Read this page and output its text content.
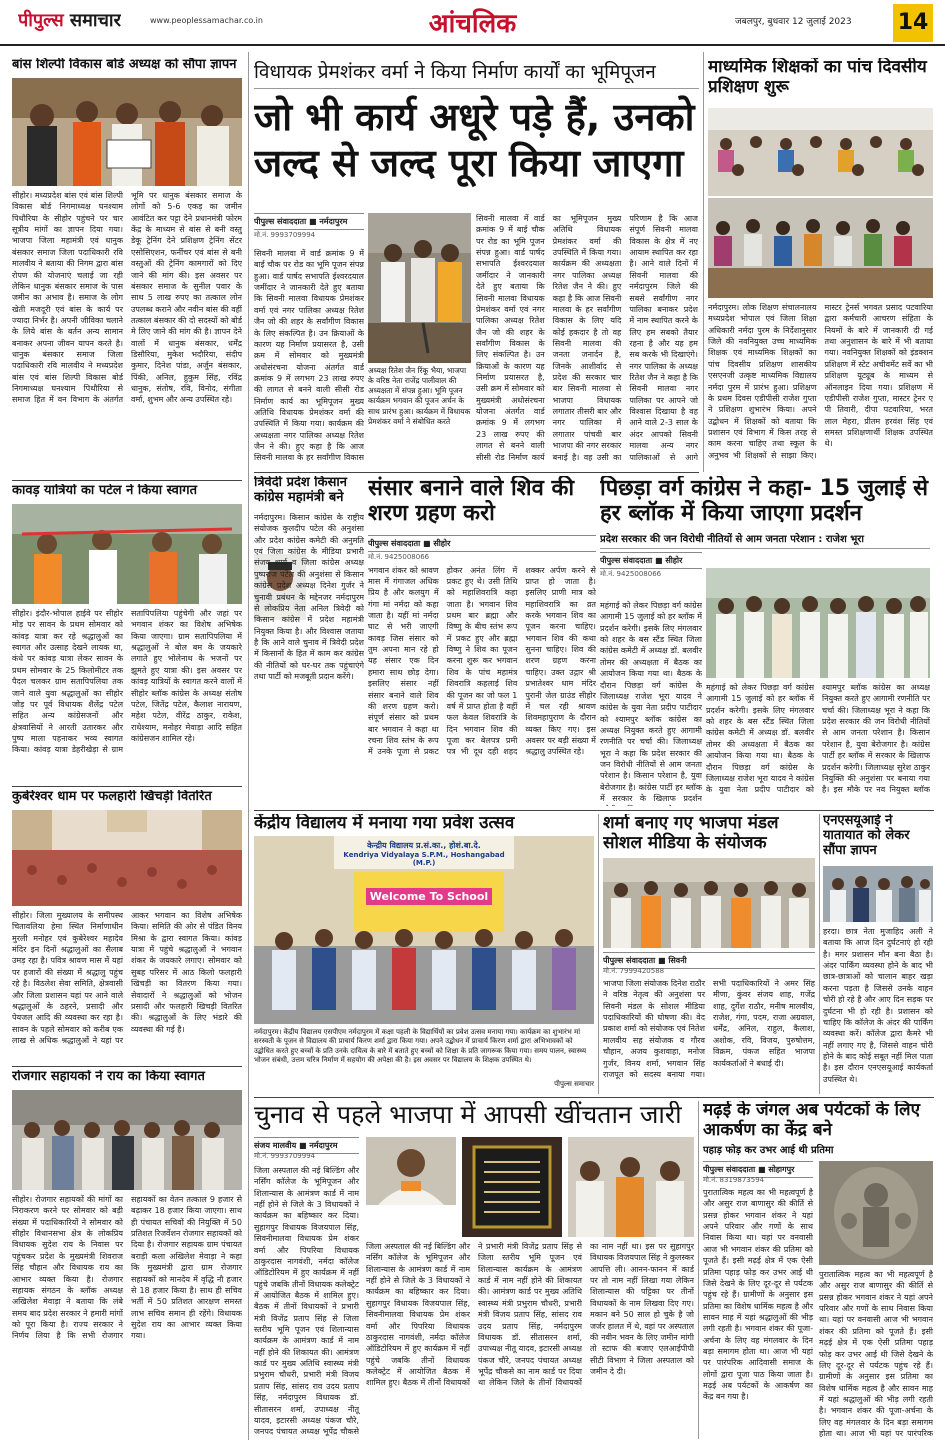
पीपुल्स समाचार	www.peoplessamachar.co.in	आंचलिक	जबलपुर, बुधवार 12 जुलाई 2023 14
बांस शिल्पी विकास बोर्ड अध्यक्ष को सौंपा ज्ञापन
सीहोर। मध्यप्रदेश बांस एवं बांस शिल्पी विकास बोर्ड निगमाध्यक्ष घनश्याम पिथौरिया के सीहोर पहुंचने पर चार सूत्रीय मांगों का ज्ञापन दिया गया। भाजपा जिला महामंत्री एवं धानुक बंसकार समाज जिला पदाधिकारी रवि मालवीय ने बताया की निगम द्वारा बांस रोपण की योजनाएं चलाई जा रही लेकिन धानुक बंसकार समाज के पास जमीन का अभाव है। समाज के लोग खेती मजदूरी एवं बांस के कार्य पर ज्यादा निर्भर है। अपनी जीविका चलाने के लिये बांस के बर्तन अन्य सामान बनाकर अपना जीवन यापन करते है। धानुक बंसकार समाज जिला पदाधिकारी रवि मालवीय ने मध्यप्रदेश बांस एवं बांस शिल्पी विकास बोर्ड निगमाध्यक्ष घनश्याम पिथौरिया से समाज हित में वन विभाग के अंतर्गत भूमि पर धानुक बंसकार समाज के लोगों को 5-6 एकड़ का जमीन आवंटित कर पट्टा देने प्रधानमंत्री फोरम केंद्र के माध्यम से बांस से बनी वस्तु डेकू ट्रेनिंग देने प्रशिक्षण ट्रेनिंग सेंटर एसोसिएशन, फर्नीचर एवं बांस से बनी वस्तुओं की ट्रेनिंग कामगारों को दिए जाने की मांग की। इस अवसर पर बंसकार समाज के सुनील पवार के साथ 5 लाख रुपए का तत्काल लोन उपलब्ध कराने और नवीन बांस की वहीं तत्काल बंसकार की दो सदस्यों को बोर्ड मे लिए जाने की मांग की है। ज्ञापन देने वालों में धानुक बंसकार, धर्मेंद्र डिसौरिया, मुकेश भदौरिया, संदीप कुमार, दिनेश पांडा, अर्जुन बंसकार, पिंकी, अनिल, हुकुम सिंह, रविंद्र धानुक, संतोष, रवि, विनोद, संगीता वर्मा, शुभम और अन्य उपस्थित रहे।
कावड़ यात्रियों का पटेल ने किया स्वागत
सीहोर। इंदौर-भोपाल हाईवे पर सीहोर मोड़ पर सावन के प्रथम सोमवार को कांवड़ यात्रा कर रहे श्रद्धालुओं का स्वागत और उत्साह देखने लायक था, कंधे पर कांवड़ यात्रा लेकर सावन के प्रथम सोमवार के 25 किलोमीटर तक पैदल चलकर ग्राम सतापिपलिया तक जाने वाले युवा श्रद्धालुओं का सीहोर जोड़ पर पूर्व विधायक शैलेंद्र पटेल सहित अन्य कांग्रेसजनों और क्षेत्रवासियों ने आरती उतारकर और पुष्प माला पहनाकर भव्य स्वागत किया। कांवड़ यात्रा डेहरीखेड़ा से ग्राम सतापिपलिया पहुंचेगी और जहां पर भगवान शंकर का विशेष अभिषेक किया जाएगा। ग्राम सतापिपलिया में श्रद्धालुओं ने बोल बम के जयकारे लगाते हुए भोलेनाथ के भजनों पर झूमते हुए यात्रा की। इस अवसर पर कांवड़ यात्रियों के स्वागत करने वालों में सीहोर ब्लॉक कांग्रेस के अध्यक्ष संतोष पटेल, जितेंद्र पटेल, कैलाश नारायण, महेश पटेल, वीरेंद्र ठाकुर, राकेश, राधेश्याम, मनोहर मेवाड़ा आदि सहित कांग्रेसजन शामिल रहे।
कुबेरेश्वर धाम पर फलहारी खिचड़ी वितरित
सीहोर। जिला मुख्यालय के समीपस्थ चितावलिया हेमा स्थित निर्माणाधीन मुरली मनोहर एवं कुबेरेश्वर महादेव मंदिर इन दिनों श्रद्धालुओं का सैलाब उमड़ रहा है। पवित्र श्रावण मास में यहां पर हजारों की संख्या में श्रद्धालु पहुंच रहे है। विठलेश सेवा समिति, क्षेत्रवासी और जिला प्रशासन यहां पर आने वाले श्रद्धालुओं के ठहरने, प्रसादी और पेयजल आदि की व्यवस्था कर रहा है। सावन के पहले सोमवार को करीब एक लाख से अधिक श्रद्धालुओं ने यहां पर आकर भगवान का विशेष अभिषेक किया। समिति की ओर से पंडित विनय मिश्रा के द्वारा स्वागत किया। कांवड़ यात्रा में पहुंचे श्रद्धालुओं ने भगवान शंकर के जयकारे लगाए। सोमवार को सुबह परिसर में आठ किलो फलहारी खिचड़ी का वितरण किया गया। सेवादारों ने श्रद्धालुओं को भोजन प्रसादी और फलहारी खिचड़ी वितरित की। श्रद्धालुओं के लिए भंडारे की व्यवस्था की गई है।
रोजगार सहायकों ने राय का किया स्वागत
सीहोर। रोजगार सहायकों की मांगों का निराकरण करने पर सोमवार को बड़ी संख्या में पदाधिकारियों ने सोमवार को सीहोर विधानसभा क्षेत्र के लोकप्रिय विधायक सुदेश राय के निवास पर पहुंचकर प्रदेश के मुख्यमंत्री शिवराज सिंह चौहान और विधायक राय का आभार व्यक्त किया है। रोजगार सहायक संगठन के ब्लॉक अध्यक्ष अखिलेश मेवाड़ा ने बताया कि लंबे समय बाद प्रदेश सरकार ने हमारी मांगों को पूरा किया है। राज्य सरकार ने निर्णय लिया है कि सभी रोजगार सहायकों का वेतन तत्काल 9 हजार से बढ़ाकर 18 हजार किया जाएगा। साथ ही पंचायत सचिवों की नियुक्ति में 50 प्रतिशत रिजर्वेशन रोजगार सहायकों को दिया है। रोजगार सहायक ग्राम पंचायत बराड़ी कला अखिलेश मेवाड़ा ने कहा कि मुख्यमंत्री द्वारा ग्राम रोजगार सहायकों को मानदेय में वृद्धि नौ हजार से 18 हजार किया है। साथ ही सचिव भर्ती में 50 प्रतिशत आरक्षण समस्त लाभ सचिव समान ही रहेंगे। विधायक सुदेश राय का आभार व्यक्त किया गया।
विधायक प्रेमशंकर वर्मा ने किया निर्माण कार्यों का भूमिपूजन
जो भी कार्य अधूरे पड़े हैं, उनको जल्द से जल्द पूरा किया जाएगा
पीपुल्स संवाददाता ■ नर्मदापुरम
मो.नं. 9993709994
सिवनी मालवा में वार्ड क्रमांक 9 में बाई चौक पर रोड का भूमि पूजन संपन्न हुआ। वार्ड पार्षद सभापति ईश्वरदयाल जमींदार ने जानकारी देते हुए बताया कि सिवनी मालवा विधायक प्रेमशंकर वर्मा एवं नगर पालिका अध्यक्ष रितेश जैन जो की शहर के सर्वांगीण विकास के लिए संकल्पित है। उन क्रियाओं के कारण यह निर्माण प्रयासरत है, उसी क्रम में सोमवार को मुख्यमंत्री अधोसंरचना योजना अंतर्गत वार्ड क्रमांक 9 में लगभग 23 लाख रुपए की लागत से बनने वाली सीसी रोड निर्माण कार्य का भूमिपूजन मुख्य अतिथि विधायक प्रेमशंकर वर्मा की उपस्थिति में किया गया। कार्यक्रम की अध्यक्षता नगर पालिका अध्यक्ष रितेश जैन ने की। हुए कहा है कि आज सिवनी मालवा के हर सर्वांगीण विकास
अध्यक्ष रितेश जैन रिंकू भैया, भाजपा के वरिष्ठ नेता राजेंद्र पालीवाल की अध्यक्षता में संपन्न हुआ। भूमि पूजन कार्यक्रम भगवान की पूजन अर्चन के साथ प्रारंभ हुआ। कार्यक्रम में विधायक प्रेमशंकर वर्मा ने संबोधित करते
सिवनी मालवा में वार्ड क्रमांक 9 में बाई चौक पर रोड का भूमि पूजन संपन्न हुआ। वार्ड पार्षद सभापति ईश्वरदयाल जमींदार ने जानकारी देते हुए बताया कि सिवनी मालवा विधायक प्रेमशंकर वर्मा एवं नगर पालिका अध्यक्ष रितेश जैन जो की शहर के सर्वांगीण विकास के लिए संकल्पित है। उन क्रियाओं के कारण यह निर्माण प्रयासरत है, उसी क्रम में सोमवार को मुख्यमंत्री अधोसंरचना योजना अंतर्गत वार्ड क्रमांक 9 में लगभग 23 लाख रुपए की लागत से बनने वाली सीसी रोड निर्माण कार्य का भूमिपूजन मुख्य अतिथि विधायक प्रेमशंकर वर्मा की उपस्थिति में किया गया। कार्यक्रम की अध्यक्षता नगर पालिका अध्यक्ष रितेश जैन ने की। हुए कहा है कि आज सिवनी मालवा के हर सर्वांगीण विकास के लिए यदि कोई हकदार है तो वह सिवनी मालवा की जनता जनार्दन है, जिनके आशीर्वाद से प्रदेश की सरकार चार बार सिवनी मालवा से भाजपा विधायक लगातार तीसरी बार और नगर पालिका में लगातार पांचवी बार भाजपा की नगर सरकार बनाई है। वह उसी का परिणाम है कि आज संपूर्ण सिवनी मालवा विकास के क्षेत्र में नए आयाम स्थापित कर रहा है। आने वाले दिनों में सिवनी मालवा की नर्मदापुरम जिले की सबसे सर्वांगीण नगर पालिका बनाकर प्रदेश में नाम स्थापित करने के लिए हम सबको तैयार रहना है और यह हम सब करके भी दिखाएंगे। नगर पालिका के अध्यक्ष रितेश जैन ने कहा है कि सिवनी मालवा नगर पालिका पर आपने जो विश्वास दिखाया है वह आने वाले 2-3 साल के अंदर आपको सिवनी मालवा अन्य नगर पालिकाओं से आगे
त्रिवेदी प्रदेश किसान कांग्रेस महामंत्री बने
नर्मदापुरम। किसान कांग्रेस के राष्ट्रीय संयोजक कुलदीप पटेल की अनुशंसा और प्रदेश कांग्रेस कमेटी की अनुमति एवं जिला कांग्रेस के मीडिया प्रभारी संजय शर्मा व जिला कांग्रेस अध्यक्ष पुष्पराज पटेल की अनुशंसा से किसान कांग्रेस प्रदेश अध्यक्ष दिनेश गुर्जर ने चुनावी प्रबंधन के मद्देनजर नर्मदापुरम से लोकप्रिय नेता अनिल त्रिवेदी को किसान कांग्रेस में प्रदेश महामंत्री नियुक्त किया है। और विश्वास जताया है कि आने वाले चुनाव में त्रिवेदी प्रदेश में किसानों के हित में काम कर कांग्रेस की नीतियों को घर-घर तक पहुंचाएंगे तथा पार्टी को मजबूती प्रदान करेंगे।
संसार बनाने वाले शिव की शरण ग्रहण करो
पीपुल्स संवाददाता ■ सीहोर
मो.नं. 9425008066
भगवान शंकर को श्रावण मास में गंगाजल अधिक प्रिय है और कलयुग में गंगा मां नर्मदा को कहा जाता है। यहीं मां नर्मदा घाट से भरी जाएगी कावड़ जिस संसार को तुम अपना मान रहे हो यह संसार एक दिन हमारा साथ छोड़ देगा। इसलिए संसार नहीं संसार बनाने वाले शिव की शरण ग्रहण करो। संपूर्ण संसार को प्रथम बार भगवान ने कहा था रचना शिव स्तंभ के रूप में उनके पूजा से प्रकट होकर अनंत लिंग में प्रकट हुए थे। उसी तिथि को महाशिवरात्रि कहा जाता है। भगवान शिव प्रथम बार ब्रह्मा और विष्णु के बीच स्तंभ रूप में प्रकट हुए और ब्रह्मा विष्णु ने शिव का पूजन करना शुरू कर भगवान शिव के पांच महामंत्र शिवरात्रि कहलाई शिव की पूजन का जो फल 1 वर्ष में प्राप्त होता है वहीं फल केवल शिवरात्रि के दिन भगवान शिव की पूजा कर बेलपत्र प्रमी पत्र भी दूध दही शहद शक्कर अर्पण करने से प्राप्त हो जाता है। इसलिए प्राणी मात्र को महाशिवरात्रि का व्रत करके भगवान शिव का पूजन करना चाहिए। भगवान शिव की कथा सुनना चाहिए। शिव की शरण ग्रहण करना चाहिए। उक्त उद्गार श्री प्रभातेश्वर धाम मंदिर पुरानी जेल ग्राउंड सीहोर में चल रही श्रावण शिवमहापुराण के दौरान व्यक्त किए गए। इस अवसर पर बड़ी संख्या में श्रद्धालु उपस्थित रहे।
पिछड़ा वर्ग कांग्रेस ने कहा- 15 जुलाई से हर ब्लॉक में किया जाएगा प्रदर्शन
प्रदेश सरकार की जन विरोधी नीतियों से आम जनता परेशान : राजेश भूरा
पीपुल्स संवाददाता ■ सीहोर
मो.नं. 9425008066
महंगाई को लेकर पिछड़ा वर्ग कांग्रेस आगामी 15 जुलाई को हर ब्लॉक में प्रदर्शन करेगी। इसके लिए मंगलवार को शहर के बस स्टैंड स्थित जिला कांग्रेस कमेटी में अध्यक्ष डॉ. बलवीर तोमर की अध्यक्षता में बैठक का आयोजन किया गया था। बैठक के दौरान पिछड़ा वर्ग कांग्रेस के जिलाध्यक्ष राजेश भूरा यादव ने कांग्रेस के युवा नेता प्रदीप पाटीदार को श्यामपुर ब्लॉक कांग्रेस का अध्यक्ष नियुक्त करते हुए आगामी रणनीति पर चर्चा की। जिलाध्यक्ष भूरा ने कहा कि प्रदेश सरकार की जन विरोधी नीतियों से आम जनता परेशान है। किसान परेशान है, युवा बेरोजगार है। कांग्रेस पार्टी हर ब्लॉक में सरकार के खिलाफ प्रदर्शन
महंगाई को लेकर पिछड़ा वर्ग कांग्रेस आगामी 15 जुलाई को हर ब्लॉक में प्रदर्शन करेगी। इसके लिए मंगलवार को शहर के बस स्टैंड स्थित जिला कांग्रेस कमेटी में अध्यक्ष डॉ. बलवीर तोमर की अध्यक्षता में बैठक का आयोजन किया गया था। बैठक के दौरान पिछड़ा वर्ग कांग्रेस के जिलाध्यक्ष राजेश भूरा यादव ने कांग्रेस के युवा नेता प्रदीप पाटीदार को श्यामपुर ब्लॉक कांग्रेस का अध्यक्ष नियुक्त करते हुए आगामी रणनीति पर चर्चा की। जिलाध्यक्ष भूरा ने कहा कि प्रदेश सरकार की जन विरोधी नीतियों से आम जनता परेशान है। किसान परेशान है, युवा बेरोजगार है। कांग्रेस पार्टी हर ब्लॉक में सरकार के खिलाफ प्रदर्शन करेगी। जिलाध्यक्ष सुरेश ठाकुर नियुक्ति की अनुशंसा पर बनाया गया है। इस मौके पर नव नियुक्त ब्लॉक
माध्यमिक शिक्षकों का पांच दिवसीय प्रशिक्षण शुरू
नर्मदापुरम। लोक शिक्षण संचालनालय मध्यप्रदेश भोपाल एवं जिला शिक्षा अधिकारी नर्मदा पुरम के निर्देशानुसार जिले की नवनियुक्त उच्च माध्यमिक शिक्षक एवं माध्यमिक शिक्षकों का पांच दिवसीय प्रशिक्षण शासकीय एसएनजी उत्कृष्ट माध्यमिक विद्यालय नर्मदा पुरम में प्रारंभ हुआ। प्रशिक्षण के प्रथम दिवस एडीपीसी राजेश गुप्ता ने प्रशिक्षण शुभारंभ किया। अपने उद्बोधन में शिक्षकों को बताया कि प्रशासन एवं विभाग में किस तरह से काम करना चाहिए तथा स्कूल के अनुभव भी शिक्षकों से साझा किए। मास्टर ट्रेनर्स भगवत प्रसाद पटवारिया द्वारा कर्मचारी आचरण संहिता के नियमों के बारे में जानकारी दी गई तथा अनुशासन के बारे में भी बताया गया। नवनियुक्त शिक्षकों को इंडक्शन प्रशिक्षण में स्टेट अचीवमेंट सर्वे का भी प्रशिक्षण यूट्यूब के माध्यम से ऑनलाइन दिया गया। प्रशिक्षण में एडीपीसी राजेश गुप्ता, मास्टर ट्रेनर ए पी तिवारी, दीपा पटवारिया, भरत लाल मेहरा, प्रीतम हरवंश सिंह एवं समस्त प्रशिक्षणार्थी शिक्षक उपस्थित थे।
केंद्रीय विद्यालय में मनाया गया प्रवेश उत्सव
केन्द्रीय विद्यालय प्र.सं.का., होशं.बा.दे.
Kendriya Vidyalaya S.P.M., Hoshangabad (M.P.)
Welcome To School
नर्मदापुरम। केंद्रीय विद्यालय एसपीएम नर्मदापुरम में कक्षा पहली के विद्यार्थियों का प्रवेश उत्सव मनाया गया। कार्यक्रम का शुभारंभ मां सरस्वती के पूजन से विद्यालय की प्राचार्य किरण शर्मा द्वारा किया गया। अपने उद्बोधन में प्राचार्य किरण शर्मा द्वारा अभिभावकों को उद्बोधित करते हुए बच्चों के प्रति उनके दायित्व के बारे में बताते हुए बच्चों को शिक्षा के प्रति जागरूक किया गया। समय पालन, स्वास्थ्य भोजन संबंधी, उत्तम चरित्र निर्माण में सहयोग की अपेक्षा की है। इस अवसर पर विद्यालय के शिक्षक उपस्थित थे।
पीपुल्स समाचार
शर्मा बनाए गए भाजपा मंडल सोशल मीडिया के संयोजक
पीपुल्स संवाददाता ■ सिवनी
मो.नं. 7999420588
भाजपा जिला संयोजक दिनेश राठौर ने वरिष्ठ नेतृत्व की अनुशंसा पर सिवनी मंडल के सोशल मीडिया पदाधिकारियों की घोषणा की। वेद प्रकाश शर्मा को संयोजक एवं नितेश मालवीय सह संयोजक व गौरव चौहान, अजय कुशवाहा, मनोज गुर्जर, विनय शर्मा, भगवान सिंह राजपूत को सदस्य बनाया गया। सभी पदाधिकारियों ने अमर सिंह मीणा, कुंवर संजय शाह, गजेंद्र शाह, दुर्गेश राठौर, मनीष मालवीय, राजेश, गंगा, पदम, राजा अग्रवाल, धर्मेंद्र, अनिल, राहुल, कैलाश, अशोक, रवि, विजय, पुरुषोत्तम, विक्रम, पंकज सहित भाजपा कार्यकर्ताओं ने बधाई दी।
एनएसयूआई ने यातायात को लेकर सौंपा ज्ञापन
हरदा। छात्र नेता मुजाहिद अली ने बताया कि आज दिन दुर्घटनाएं हो रही है। मगर प्रशासन मौन बना बैठा है। अंदर पार्किंग व्यवस्था होने के बाद भी छात्र-छात्राओं को चालान बाहर खड़ा करना पड़ता है जिससे उनके वाहन चोरी हो रहे है और आए दिन सड़क पर दुर्घटना भी हो रही है। प्रशासन को चाहिए कि कॉलेज के अंदर की पार्किंग व्यवस्था करें। कॉलेज द्वारा कैमरे भी नहीं लगाए गए है, जिससे वाहन चोरी होने के बाद कोई सबूत नहीं मिल पाता है। इस दौरान एनएसयूआई कार्यकर्ता उपस्थित थे।
चुनाव से पहले भाजपा में आपसी खींचतान जारी
संजय मालवीय ■ नर्मदापुरम
मो.नं. 9993709994
जिला अस्पताल की नई बिल्डिंग और नर्सिंग कॉलेज के भूमिपूजन और शिलान्यास के आमंत्रण कार्ड में नाम नहीं होने से जिले के 3 विधायकों ने कार्यक्रम का बहिष्कार कर दिया। सुहागपुर विधायक विजयपाल सिंह, सिवनीमालवा विधायक प्रेम शंकर वर्मा और पिपरिया विधायक ठाकुरदास नागवंशी, नर्मदा कॉलेज ऑडिटोरियम में हुए कार्यक्रम में नहीं पहुंचे जबकि तीनों विधायक कलेक्ट्रेट में आयोजित बैठक में शामिल हुए। बैठक में तीनों विधायकों ने प्रभारी मंत्री विजेंद्र प्रताप सिंह से जिला स्तरीय भूमि पूजन एवं शिलान्यास कार्यक्रम के आमंत्रण कार्ड में नाम नहीं होने की शिकायत की। आमंत्रण कार्ड पर मुख्य अतिथि स्वास्थ्य मंत्री प्रभुराम चौधरी, प्रभारी मंत्री विजय प्रताप सिंह, सांसद राव उदय प्रताप सिंह, नर्मदापुरम विधायक डॉ. सीतासरन शर्मा, उपाध्यक्ष नीतू यादव, इटारसी अध्यक्ष पंकज चौरे, जनपद पंचायत अध्यक्ष भूपेंद्र चौकसे
जिला अस्पताल की नई बिल्डिंग और नर्सिंग कॉलेज के भूमिपूजन और शिलान्यास के आमंत्रण कार्ड में नाम नहीं होने से जिले के 3 विधायकों ने कार्यक्रम का बहिष्कार कर दिया। सुहागपुर विधायक विजयपाल सिंह, सिवनीमालवा विधायक प्रेम शंकर वर्मा और पिपरिया विधायक ठाकुरदास नागवंशी, नर्मदा कॉलेज ऑडिटोरियम में हुए कार्यक्रम में नहीं पहुंचे जबकि तीनों विधायक कलेक्ट्रेट में आयोजित बैठक में शामिल हुए। बैठक में तीनों विधायकों ने प्रभारी मंत्री विजेंद्र प्रताप सिंह से जिला स्तरीय भूमि पूजन एवं शिलान्यास कार्यक्रम के आमंत्रण कार्ड में नाम नहीं होने की शिकायत की। आमंत्रण कार्ड पर मुख्य अतिथि स्वास्थ्य मंत्री प्रभुराम चौधरी, प्रभारी मंत्री विजय प्रताप सिंह, सांसद राव उदय प्रताप सिंह, नर्मदापुरम विधायक डॉ. सीतासरन शर्मा, उपाध्यक्ष नीतू यादव, इटारसी अध्यक्ष पंकज चौरे, जनपद पंचायत अध्यक्ष भूपेंद्र चौकसे का नाम कार्ड पर दिया था लेकिन जिले के तीनों विधायकों का नाम नहीं था। इस पर सुहागपुर विधायक विजयपाल सिंह ने कुलस्कर आपत्ति ली। आनन-फानन में कार्ड पर तो नाम नहीं लिखा गया लेकिन शिलान्यास की पट्टिका पर तीनों विधायकों के नाम लिखवा दिए गए। मकान बने 50 साल हो चुके है जो जर्जर हालत में थे, वहां पर अस्पताल की नवीन भवन के लिए जमीन मांगी तो स्टाफ की बजाए एलआईपीपी सीटी विभाग ने जिला अस्पताल को जमीन दे दी।
मढ़ई के जंगल अब पर्यटकों के लिए आकर्षण का केंद्र बने
पहाड़ फोड़ कर उभर आई थी प्रतिमा
पीपुल्स संवाददाता ■ सोहागपुर
मो.नं. 8319873594
पुरातात्विक महत्व का भी महत्वपूर्ण है और असुर राज बाणासुर की कीर्ति से प्रसन्न होकर भगवान शंकर ने यहां अपने परिवार और गणों के साथ निवास किया था। यहां पर वनवासी आज भी भगवान शंकर की प्रतिमा को पूजते हैं। इसी मढ़ई क्षेत्र में एक ऐसी प्रतिमा पहाड़ फोड़ कर उभर आई थी जिसे देखने के लिए दूर-दूर से पर्यटक पहुंच रहे हैं। ग्रामीणों के अनुसार इस प्रतिमा का विशेष धार्मिक महत्व है और सावन माह में यहां श्रद्धालुओं की भीड़ लगी रहती है। भगवान शंकर की पूजा-अर्चना के लिए वह मंगलवार के दिन बड़ा समागम होता था। आज भी यहां पर पारंपरिक आदिवासी समाज के लोगों द्वारा पूजा पाठ किया जाता है। मढ़ई अब पर्यटकों के आकर्षण का केंद्र बन गया है।
पुरातात्विक महत्व का भी महत्वपूर्ण है और असुर राज बाणासुर की कीर्ति से प्रसन्न होकर भगवान शंकर ने यहां अपने परिवार और गणों के साथ निवास किया था। यहां पर वनवासी आज भी भगवान शंकर की प्रतिमा को पूजते हैं। इसी मढ़ई क्षेत्र में एक ऐसी प्रतिमा पहाड़ फोड़ कर उभर आई थी जिसे देखने के लिए दूर-दूर से पर्यटक पहुंच रहे हैं। ग्रामीणों के अनुसार इस प्रतिमा का विशेष धार्मिक महत्व है और सावन माह में यहां श्रद्धालुओं की भीड़ लगी रहती है। भगवान शंकर की पूजा-अर्चना के लिए वह मंगलवार के दिन बड़ा समागम होता था। आज भी यहां पर पारंपरिक
